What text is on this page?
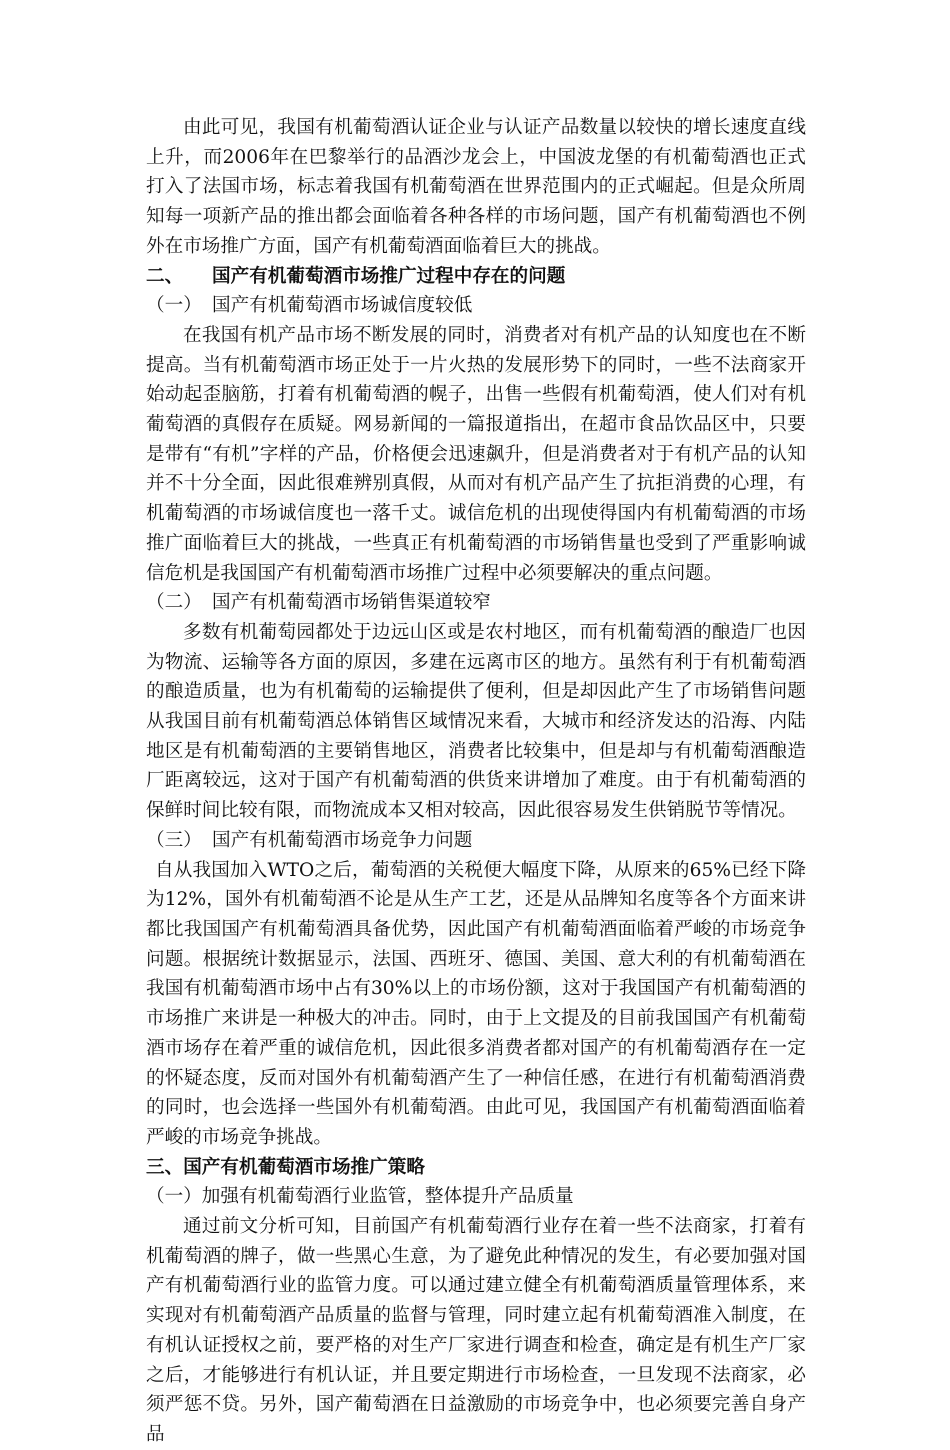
由此可见，我国有机葡萄酒认证企业与认证产品数量以较快的增长速度直线上升，而2006年在巴黎举行的品酒沙龙会上，中国波龙堡的有机葡萄酒也正式打入了法国市场，标志着我国有机葡萄酒在世界范围内的正式崛起。但是众所周知每一项新产品的推出都会面临着各种各样的市场问题，国产有机葡萄酒也不例外在市场推广方面，国产有机葡萄酒面临着巨大的挑战。

二、 国产有机葡萄酒市场推广过程中存在的问题

（一） 国产有机葡萄酒市场诚信度较低

在我国有机产品市场不断发展的同时，消费者对有机产品的认知度也在不断提高。当有机葡萄酒市场正处于一片火热的发展形势下的同时，一些不法商家开始动起歪脑筋，打着有机葡萄酒的幌子，出售一些假有机葡萄酒，使人们对有机葡萄酒的真假存在质疑。网易新闻的一篇报道指出，在超市食品饮品区中，只要是带有“有机”字样的产品，价格便会迅速飙升，但是消费者对于有机产品的认知并不十分全面，因此很难辨别真假，从而对有机产品产生了抗拒消费的心理，有机葡萄酒的市场诚信度也一落千丈。诚信危机的出现使得国内有机葡萄酒的市场推广面临着巨大的挑战，一些真正有机葡萄酒的市场销售量也受到了严重影响诚信危机是我国国产有机葡萄酒市场推广过程中必须要解决的重点问题。

（二） 国产有机葡萄酒市场销售渠道较窄

多数有机葡萄园都处于边远山区或是农村地区，而有机葡萄酒的酿造厂也因为物流、运输等各方面的原因，多建在远离市区的地方。虽然有利于有机葡萄酒的酿造质量，也为有机葡萄的运输提供了便利，但是却因此产生了市场销售问题从我国目前有机葡萄酒总体销售区域情况来看，大城市和经济发达的沿海、内陆地区是有机葡萄酒的主要销售地区，消费者比较集中，但是却与有机葡萄酒酿造厂距离较远，这对于国产有机葡萄酒的供货来讲增加了难度。由于有机葡萄酒的保鲜时间比较有限，而物流成本又相对较高，因此很容易发生供销脱节等情况。

（三） 国产有机葡萄酒市场竞争力问题

自从我国加入WTO之后，葡萄酒的关税便大幅度下降，从原来的65%已经下降为12%，国外有机葡萄酒不论是从生产工艺，还是从品牌知名度等各个方面来讲都比我国国产有机葡萄酒具备优势，因此国产有机葡萄酒面临着严峻的市场竞争问题。根据统计数据显示，法国、西班牙、德国、美国、意大利的有机葡萄酒在我国有机葡萄酒市场中占有30%以上的市场份额，这对于我国国产有机葡萄酒的市场推广来讲是一种极大的冲击。同时，由于上文提及的目前我国国产有机葡萄酒市场存在着严重的诚信危机，因此很多消费者都对国产的有机葡萄酒存在一定的怀疑态度，反而对国外有机葡萄酒产生了一种信任感，在进行有机葡萄酒消费的同时，也会选择一些国外有机葡萄酒。由此可见，我国国产有机葡萄酒面临着严峻的市场竞争挑战。

三、国产有机葡萄酒市场推广策略

（一）加强有机葡萄酒行业监管，整体提升产品质量

通过前文分析可知，目前国产有机葡萄酒行业存在着一些不法商家，打着有机葡萄酒的牌子，做一些黑心生意，为了避免此种情况的发生，有必要加强对国产有机葡萄酒行业的监管力度。可以通过建立健全有机葡萄酒质量管理体系，来实现对有机葡萄酒产品质量的监督与管理，同时建立起有机葡萄酒准入制度，在有机认证授权之前，要严格的对生产厂家进行调查和检查，确定是有机生产厂家之后，才能够进行有机认证，并且要定期进行市场检查，一旦发现不法商家，必须严惩不贷。另外，国产葡萄酒在日益激励的市场竞争中，也必须要完善自身产品
